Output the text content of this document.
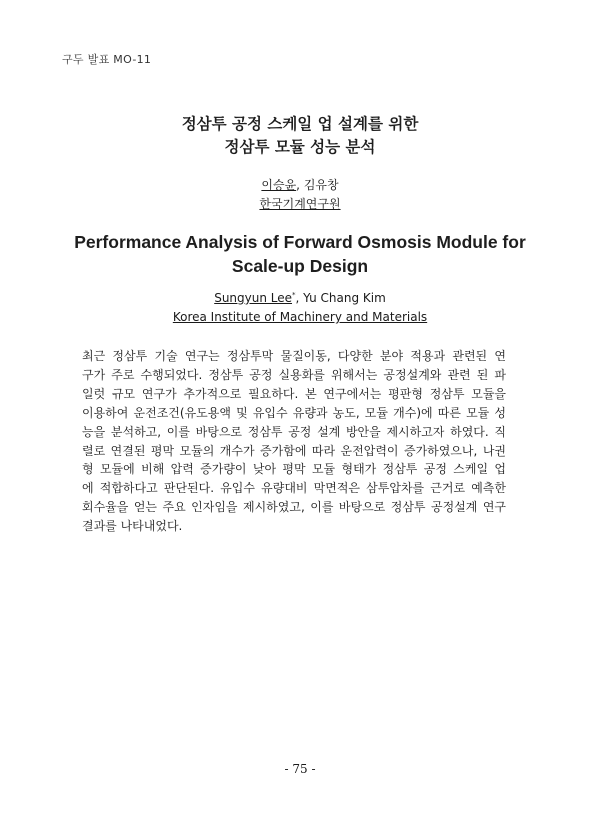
구두 발표 MO-11
정삼투 공정 스케일 업 설계를 위한
정삼투 모듈 성능 분석
이승윤, 김유창
한국기계연구원
Performance Analysis of Forward Osmosis Module for
Scale-up Design
Sungyun Lee*, Yu Chang Kim
Korea Institute of Machinery and Materials
최근 정삼투 기술 연구는 정삼투막 물질이동, 다양한 분야 적용과 관련된 연
구가 주로 수행되었다. 정삼투 공정 실용화를 위해서는 공정설계와 관련 된 파
일럿 규모 연구가 추가적으로 필요하다. 본 연구에서는 평판형 정삼투 모듈을
이용하여 운전조건(유도용액 및 유입수 유량과 농도, 모듈 개수)에 따른 모듈 성
능을 분석하고, 이를 바탕으로 정삼투 공정 설계 방안을 제시하고자 하였다. 직
렬로 연결된 평막 모듈의 개수가 증가함에 따라 운전압력이 증가하였으나, 나권
형 모듈에 비해 압력 증가량이 낮아 평막 모듈 형태가 정삼투 공정 스케일 업
에 적합하다고 판단된다. 유입수 유량대비 막면적은 삼투압차를 근거로 예측한
회수율을 얻는 주요 인자임을 제시하였고, 이를 바탕으로 정삼투 공정설계 연구
결과를 나타내었다.
- 75 -
